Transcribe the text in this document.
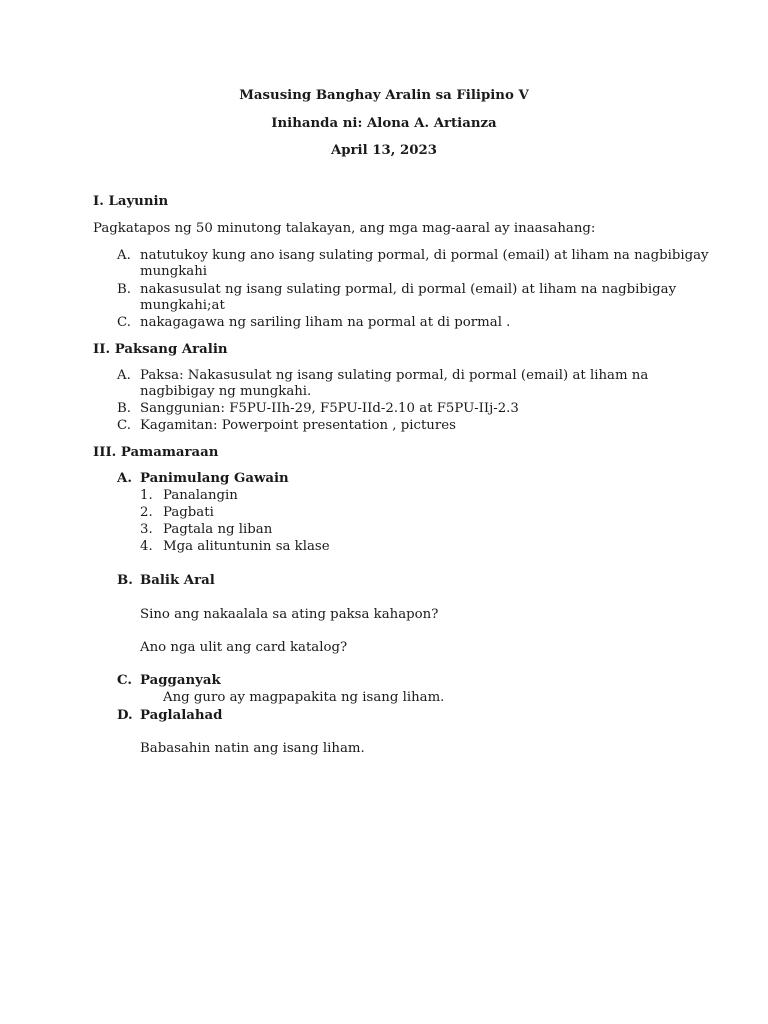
Masusing Banghay Aralin sa Filipino V
Inihanda ni: Alona A. Artianza
April 13, 2023
I. Layunin
Pagkatapos ng 50 minutong talakayan, ang mga mag-aaral ay inaasahang:
A. natutukoy kung ano isang sulating pormal, di pormal (email) at liham na nagbibigay
mungkahi
B. nakasusulat ng isang sulating pormal, di pormal (email) at liham na nagbibigay
mungkahi;at
C. nakagagawa ng sariling liham na pormal at di pormal .
II. Paksang Aralin
A. Paksa: Nakasusulat ng isang sulating pormal, di pormal (email) at liham na
nagbibigay ng mungkahi.
B. Sanggunian: F5PU-IIh-29, F5PU-IId-2.10 at F5PU-IIj-2.3
C. Kagamitan: Powerpoint presentation , pictures
III. Pamamaraan
A. Panimulang Gawain
1. Panalangin
2. Pagbati
3. Pagtala ng liban
4. Mga alituntunin sa klase
B. Balik Aral
Sino ang nakaalala sa ating paksa kahapon?
Ano nga ulit ang card katalog?
C. Pagganyak
Ang guro ay magpapakita ng isang liham.
D. Paglalahad
Babasahin natin ang isang liham.
